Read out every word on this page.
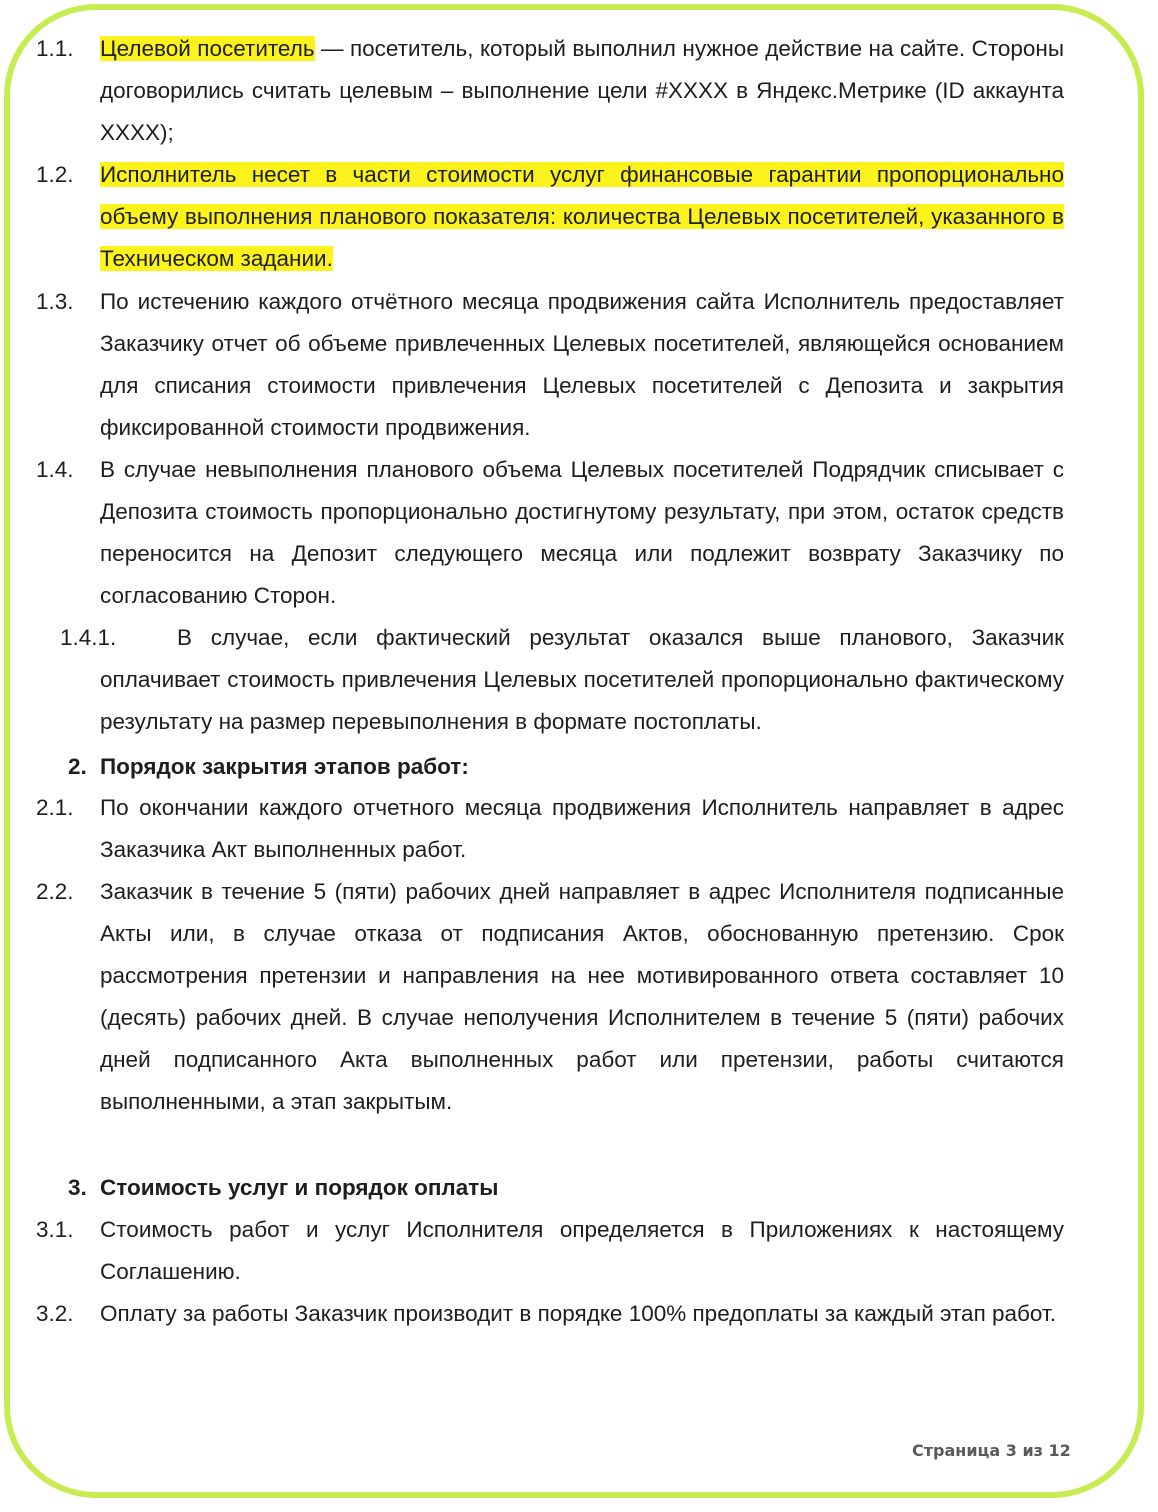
1.1. Целевой посетитель — посетитель, который выполнил нужное действие на сайте. Стороны договорились считать целевым – выполнение цели #XXXX в Яндекс.Метрике (ID аккаунта XXXX);
1.2. Исполнитель несет в части стоимости услуг финансовые гарантии пропорционально объему выполнения планового показателя: количества Целевых посетителей, указанного в Техническом задании.
1.3. По истечению каждого отчётного месяца продвижения сайта Исполнитель предоставляет Заказчику отчет об объеме привлеченных Целевых посетителей, являющейся основанием для списания стоимости привлечения Целевых посетителей с Депозита и закрытия фиксированной стоимости продвижения.
1.4. В случае невыполнения планового объема Целевых посетителей Подрядчик списывает с Депозита стоимость пропорционально достигнутому результату, при этом, остаток средств переносится на Депозит следующего месяца или подлежит возврату Заказчику по согласованию Сторон.
1.4.1.	В случае, если фактический результат оказался выше планового, Заказчик оплачивает стоимость привлечения Целевых посетителей пропорционально фактическому результату на размер перевыполнения в формате постоплаты.
2. Порядок закрытия этапов работ:
2.1. По окончании каждого отчетного месяца продвижения Исполнитель направляет в адрес Заказчика Акт выполненных работ.
2.2. Заказчик в течение 5 (пяти) рабочих дней направляет в адрес Исполнителя подписанные Акты или, в случае отказа от подписания Актов, обоснованную претензию. Срок рассмотрения претензии и направления на нее мотивированного ответа составляет 10 (десять) рабочих дней. В случае неполучения Исполнителем в течение 5 (пяти) рабочих дней подписанного Акта выполненных работ или претензии, работы считаются выполненными, а этап закрытым.
3. Стоимость услуг и порядок оплаты
3.1. Стоимость работ и услуг Исполнителя определяется в Приложениях к настоящему Соглашению.
3.2. Оплату за работы Заказчик производит в порядке 100% предоплаты за каждый этап работ.
Страница 3 из 12
